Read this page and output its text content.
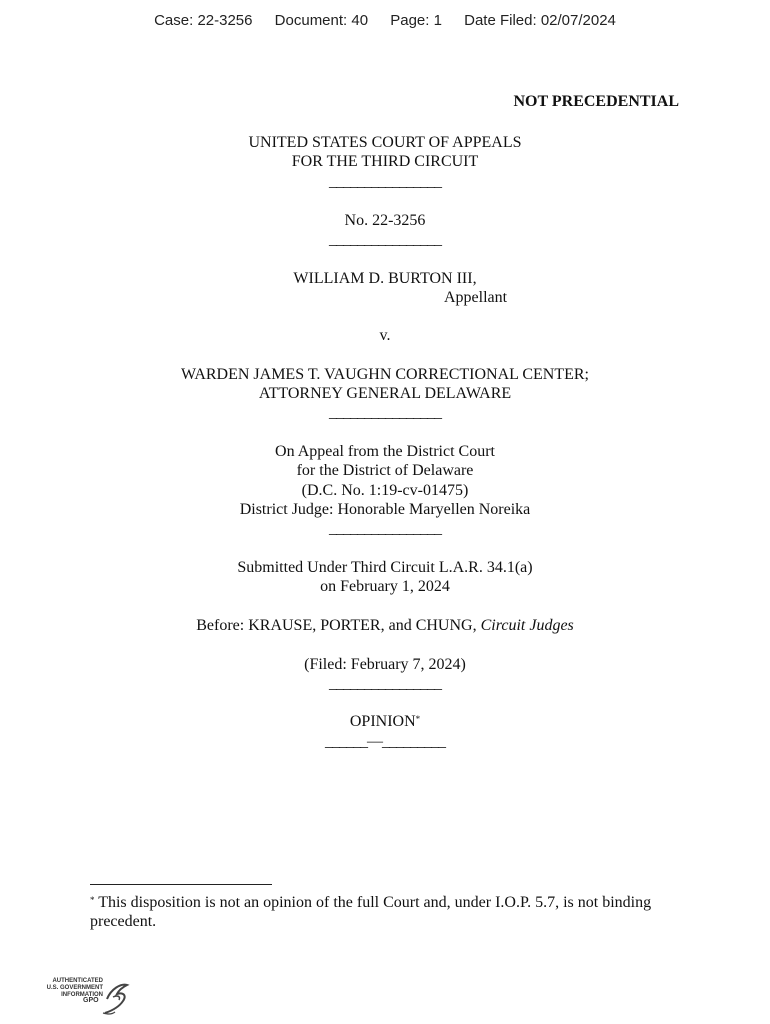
Case: 22-3256 Document: 40 Page: 1 Date Filed: 02/07/2024
NOT PRECEDENTIAL
UNITED STATES COURT OF APPEALS
FOR THE THIRD CIRCUIT
________________
No. 22-3256
________________
WILLIAM D. BURTON III,
Appellant
v.
WARDEN JAMES T. VAUGHN CORRECTIONAL CENTER;
ATTORNEY GENERAL DELAWARE
________________
On Appeal from the District Court
for the District of Delaware
(D.C. No. 1:19-cv-01475)
District Judge: Honorable Maryellen Noreika
________________
Submitted Under Third Circuit L.A.R. 34.1(a)
on February 1, 2024
Before: KRAUSE, PORTER, and CHUNG, Circuit Judges
(Filed: February 7, 2024)
________________
OPINION*
______—_________
* This disposition is not an opinion of the full Court and, under I.O.P. 5.7, is not binding precedent.
AUTHENTICATED
U.S. GOVERNMENT
INFORMATION
GPO
